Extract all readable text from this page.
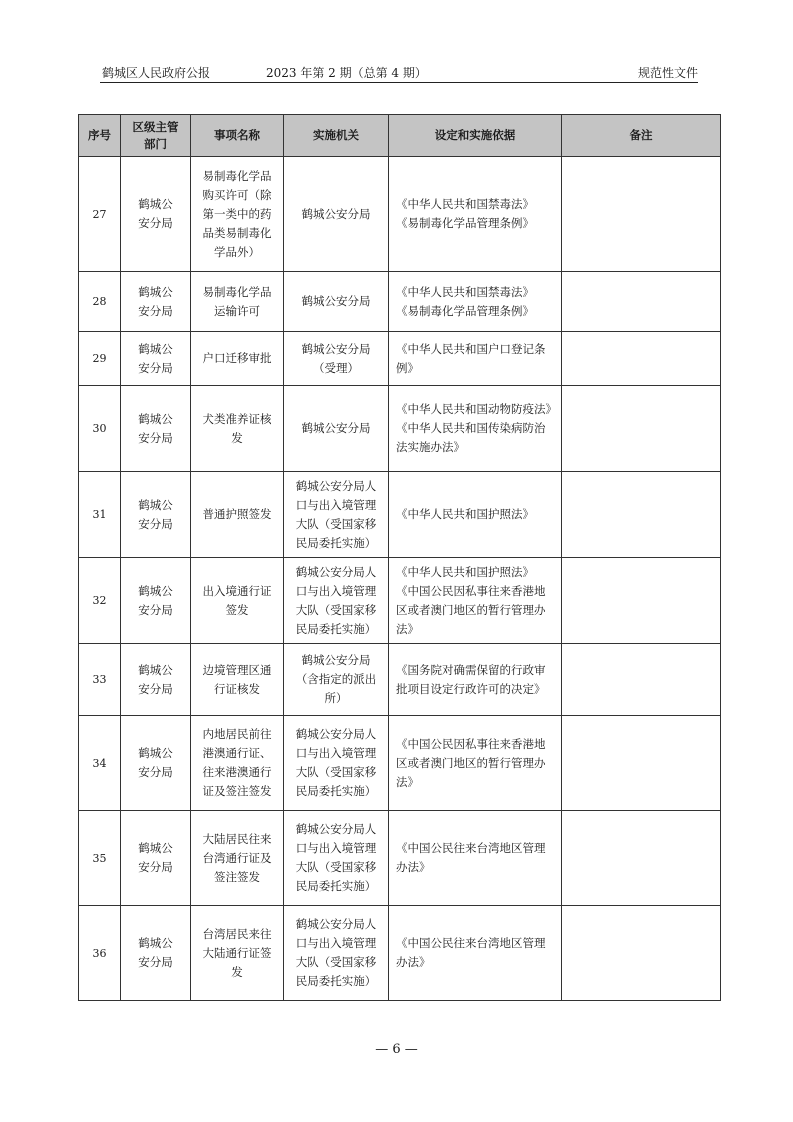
鹤城区人民政府公报	2023 年第 2 期（总第 4 期）	规范性文件
序号	区级主管部门	事项名称	实施机关	设定和实施依据	备注
27	鹤城公安分局	易制毒化学品购买许可（除第一类中的药品类易制毒化学品外）	鹤城公安分局	《中华人民共和国禁毒法》
《易制毒化学品管理条例》	

28	鹤城公安分局	易制毒化学品运输许可	鹤城公安分局	《中华人民共和国禁毒法》
《易制毒化学品管理条例》	

29	鹤城公安分局	户口迁移审批	鹤城公安分局（受理）	《中华人民共和国户口登记条例》	

30	鹤城公安分局	犬类准养证核发	鹤城公安分局	《中华人民共和国动物防疫法》
《中华人民共和国传染病防治法实施办法》	

31	鹤城公安分局	普通护照签发	鹤城公安分局人口与出入境管理大队（受国家移民局委托实施）	《中华人民共和国护照法》	

32	鹤城公安分局	出入境通行证签发	鹤城公安分局人口与出入境管理大队（受国家移民局委托实施）	《中华人民共和国护照法》
《中国公民因私事往来香港地区或者澳门地区的暂行管理办法》	

33	鹤城公安分局	边境管理区通行证核发	鹤城公安分局（含指定的派出所）	《国务院对确需保留的行政审批项目设定行政许可的决定》	

34	鹤城公安分局	内地居民前往港澳通行证、往来港澳通行证及签注签发	鹤城公安分局人口与出入境管理大队（受国家移民局委托实施）	《中国公民因私事往来香港地区或者澳门地区的暂行管理办法》	

35	鹤城公安分局	大陆居民往来台湾通行证及签注签发	鹤城公安分局人口与出入境管理大队（受国家移民局委托实施）	《中国公民往来台湾地区管理办法》	

36	鹤城公安分局	台湾居民来往大陆通行证签发	鹤城公安分局人口与出入境管理大队（受国家移民局委托实施）	《中国公民往来台湾地区管理办法》	

— 6 —
